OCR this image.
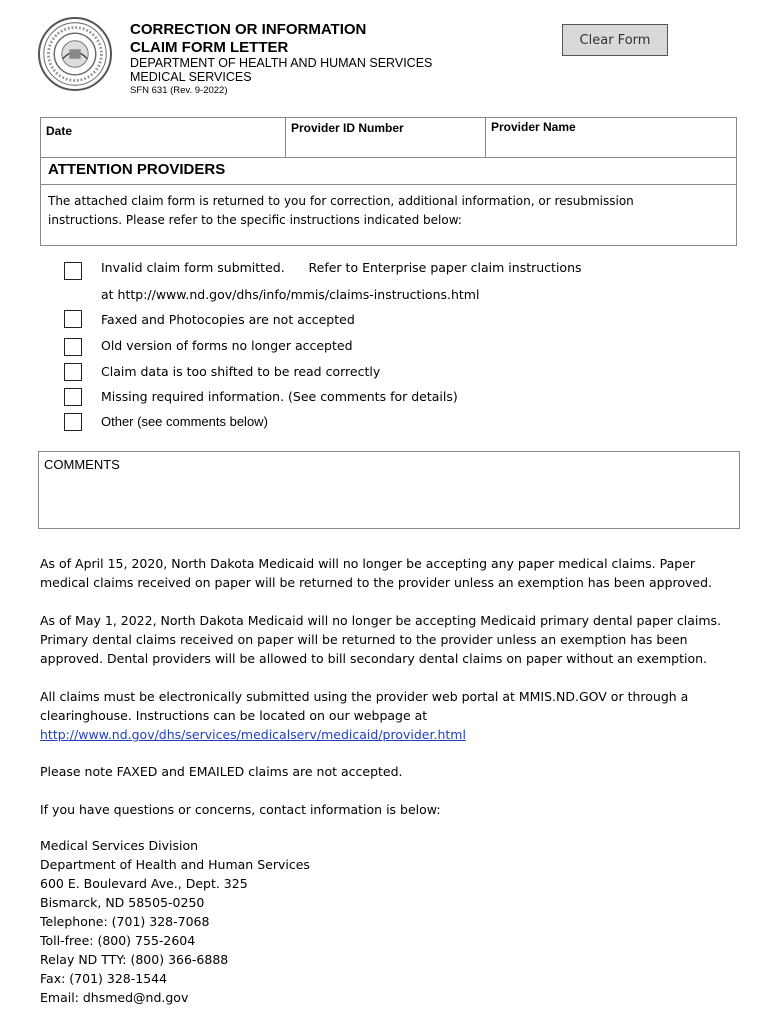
CORRECTION OR INFORMATION
CLAIM FORM LETTER
DEPARTMENT OF HEALTH AND HUMAN SERVICES
MEDICAL SERVICES
SFN 631 (Rev. 9-2022)
Clear Form
Date	Provider ID Number	Provider Name
ATTENTION PROVIDERS
The attached claim form is returned to you for correction, additional information, or resubmission instructions. Please refer to the specific instructions indicated below:
Invalid claim form submitted.      Refer to Enterprise paper claim instructions
at http://www.nd.gov/dhs/info/mmis/claims-instructions.html
Faxed and Photocopies are not accepted
Old version of forms no longer accepted
Claim data is too shifted to be read correctly
Missing required information. (See comments for details)
Other (see comments below)
COMMENTS
As of April 15, 2020, North Dakota Medicaid will no longer be accepting any paper medical claims. Paper medical claims received on paper will be returned to the provider unless an exemption has been approved.
As of May 1, 2022, North Dakota Medicaid will no longer be accepting Medicaid primary dental paper claims. Primary dental claims received on paper will be returned to the provider unless an exemption has been approved. Dental providers will be allowed to bill secondary dental claims on paper without an exemption.
All claims must be electronically submitted using the provider web portal at MMIS.ND.GOV or through a clearinghouse. Instructions can be located on our webpage at http://www.nd.gov/dhs/services/medicalserv/medicaid/provider.html
Please note FAXED and EMAILED claims are not accepted.
If you have questions or concerns, contact information is below:
Medical Services Division
Department of Health and Human Services
600 E. Boulevard Ave., Dept. 325
Bismarck, ND 58505-0250
Telephone: (701) 328-7068
Toll-free: (800) 755-2604
Relay ND TTY: (800) 366-6888
Fax: (701) 328-1544
Email: dhsmed@nd.gov
